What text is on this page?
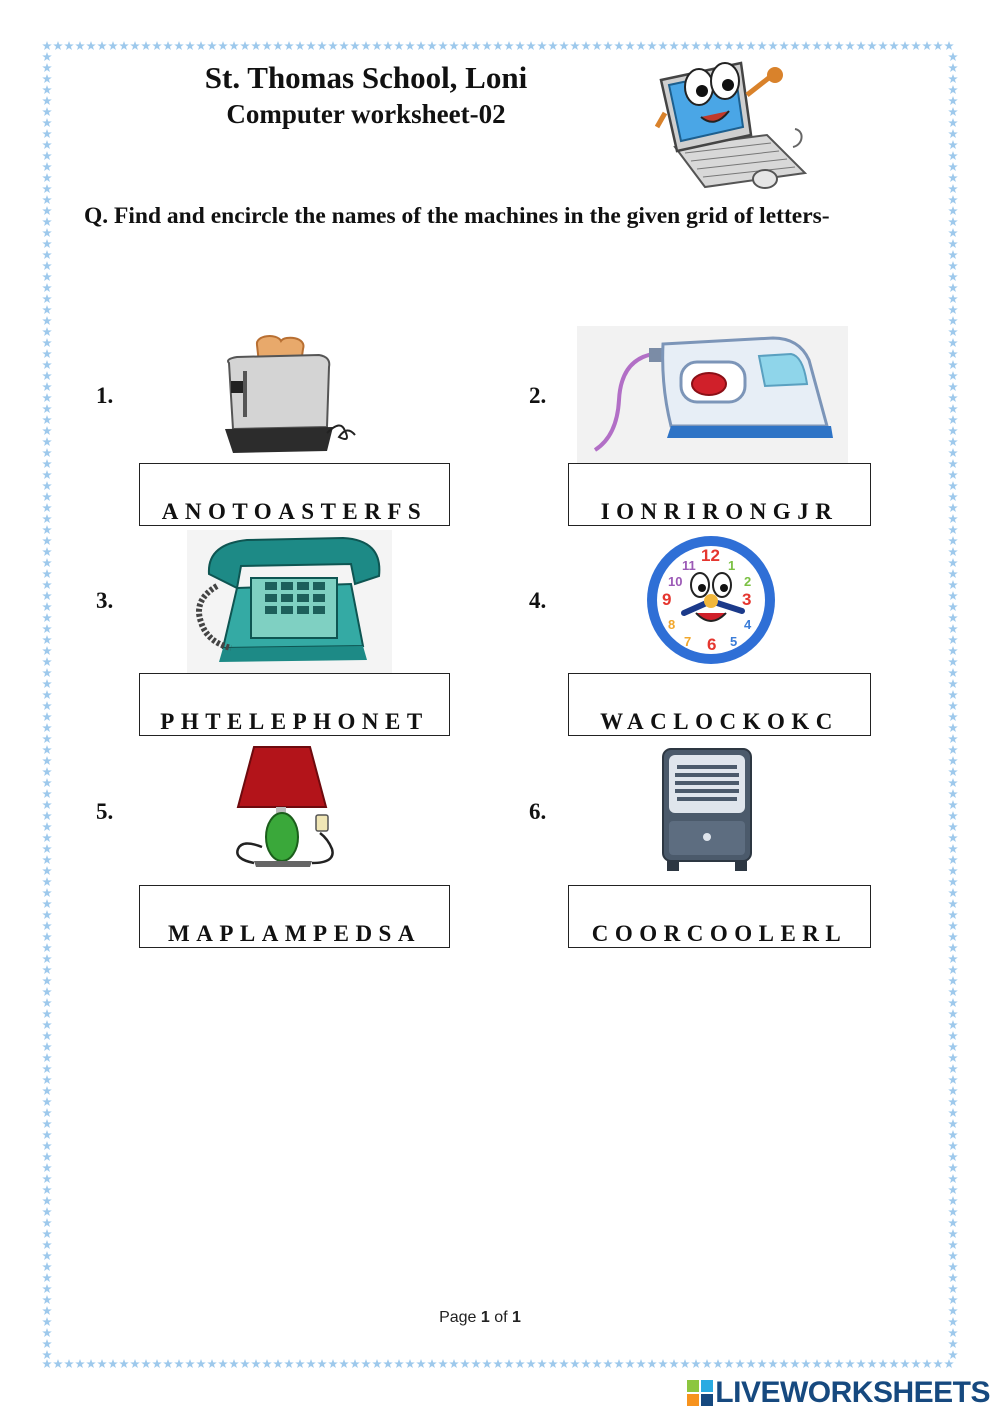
St. Thomas School, Loni
Computer worksheet-02
Q. Find and encircle the names of the machines in the given grid of letters-
1.	2.
3.	4.
5.	6.
12
3
6
9
1
2
4
5
7
8
10
11
ANOTOASTERFS	IONRIRONGJR
PHTELEPHONET	WACLOCKOKC
MAPLAMPEDSA	COORCOOLERL
Page 1 of 1
LIVEWORKSHEETS
